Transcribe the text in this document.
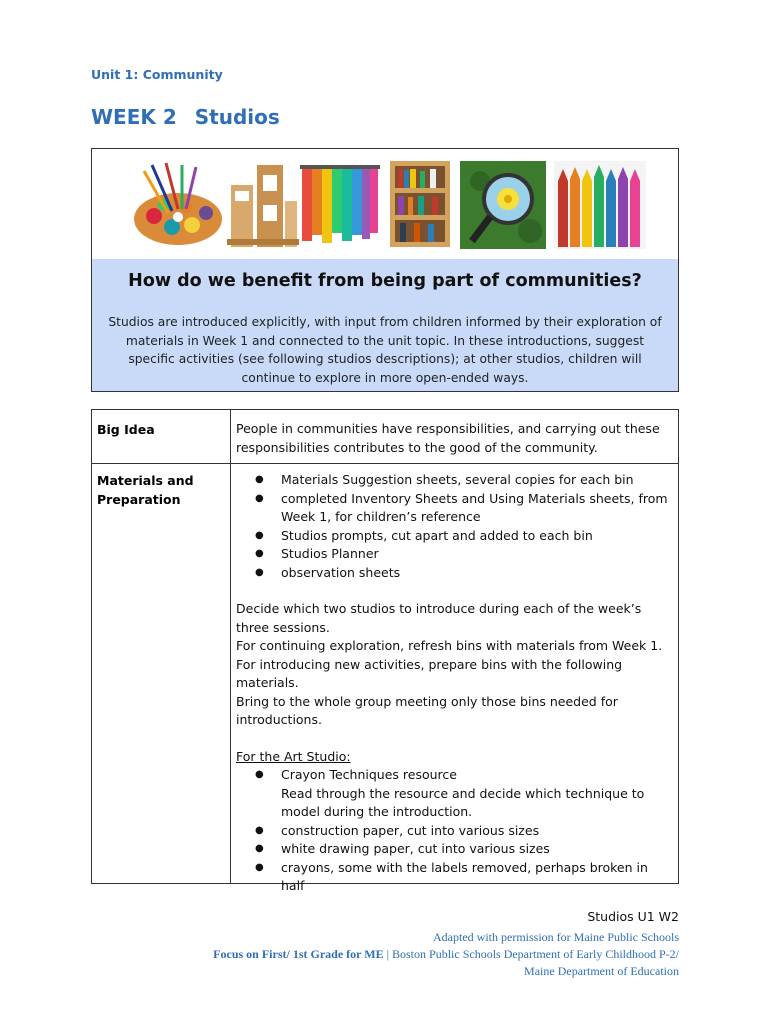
Unit 1: Community
WEEK 2 Studios
How do we benefit from being part of communities?
Studios are introduced explicitly, with input from children informed by their exploration of materials in Week 1 and connected to the unit topic. In these introductions, suggest specific activities (see following studios descriptions); at other studios, children will continue to explore in more open-ended ways.
Big Idea	People in communities have responsibilities, and carrying out these responsibilities contributes to the good of the community.
Materials and
Preparation
● Materials Suggestion sheets, several copies for each bin
● completed Inventory Sheets and Using Materials sheets, from Week 1, for children’s reference
● Studios prompts, cut apart and added to each bin
● Studios Planner
● observation sheets
Decide which two studios to introduce during each of the week’s three sessions.
For continuing exploration, refresh bins with materials from Week 1.
For introducing new activities, prepare bins with the following materials.
Bring to the whole group meeting only those bins needed for introductions.
For the Art Studio:
● Crayon Techniques resource
Read through the resource and decide which technique to model during the introduction.
● construction paper, cut into various sizes
● white drawing paper, cut into various sizes
● crayons, some with the labels removed, perhaps broken in half
Studios U1 W2
Adapted with permission for Maine Public Schools
Focus on First/ 1st Grade for ME | Boston Public Schools Department of Early Childhood P-2/
Maine Department of Education
